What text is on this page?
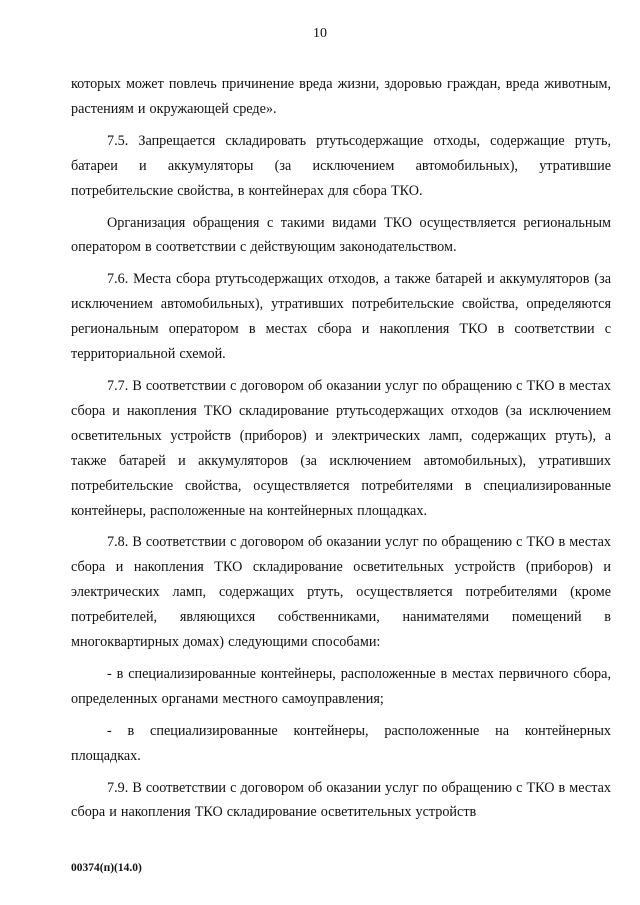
10

которых может повлечь причинение вреда жизни, здоровью граждан, вреда животным, растениям и окружающей среде».

7.5. Запрещается складировать ртутьсодержащие отходы, содержащие ртуть, батареи и аккумуляторы (за исключением автомобильных), утратившие потребительские свойства, в контейнерах для сбора ТКО.

Организация обращения с такими видами ТКО осуществляется региональным оператором в соответствии с действующим законодательством.

7.6. Места сбора ртутьсодержащих отходов, а также батарей и аккумуляторов (за исключением автомобильных), утративших потребительские свойства, определяются региональным оператором в местах сбора и накопления ТКО в соответствии с территориальной схемой.

7.7. В соответствии с договором об оказании услуг по обращению с ТКО в местах сбора и накопления ТКО складирование ртутьсодержащих отходов (за исключением осветительных устройств (приборов) и электрических ламп, содержащих ртуть), а также батарей и аккумуляторов (за исключением автомобильных), утративших потребительские свойства, осуществляется потребителями в специализированные контейнеры, расположенные на контейнерных площадках.

7.8. В соответствии с договором об оказании услуг по обращению с ТКО в местах сбора и накопления ТКО складирование осветительных устройств (приборов) и электрических ламп, содержащих ртуть, осуществляется потребителями (кроме потребителей, являющихся собственниками, нанимателями помещений в многоквартирных домах) следующими способами:

- в специализированные контейнеры, расположенные в местах первичного сбора, определенных органами местного самоуправления;

- в специализированные контейнеры, расположенные на контейнерных площадках.

7.9. В соответствии с договором об оказании услуг по обращению с ТКО в местах сбора и накопления ТКО складирование осветительных устройств

00374(п)(14.0)
